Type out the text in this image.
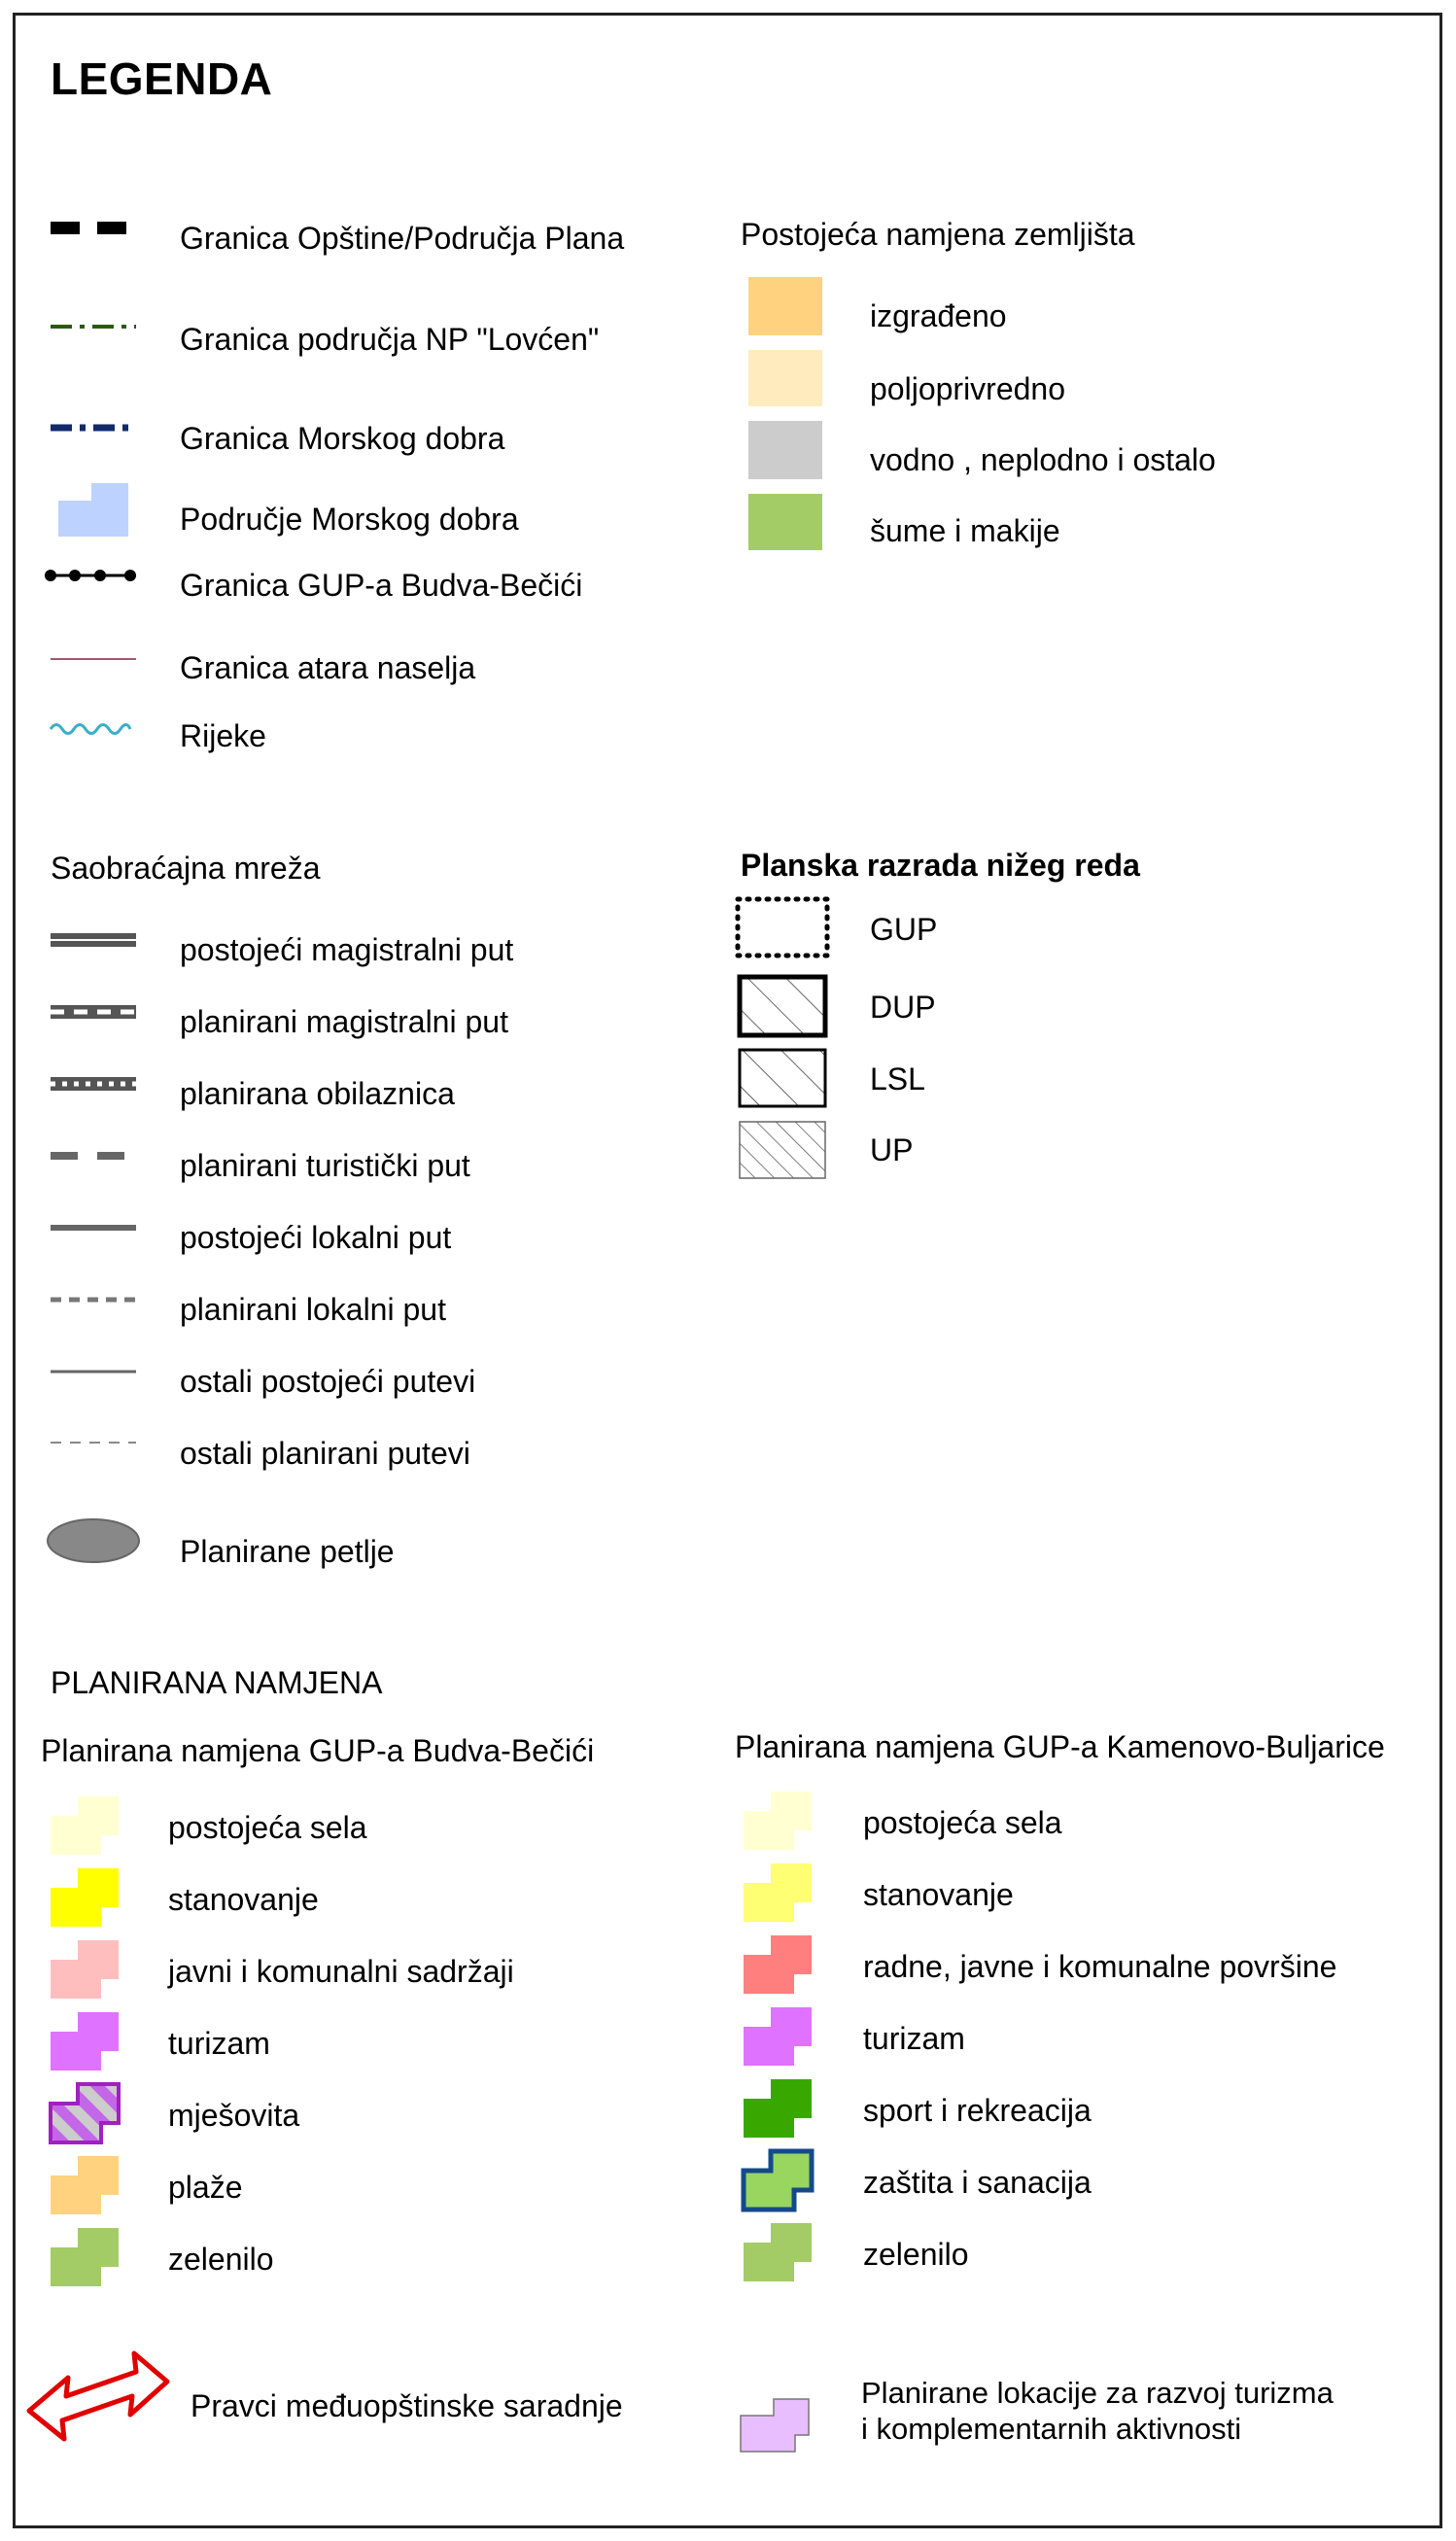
LEGENDA
Granica Opštine/Područja Plana
Granica područja NP "Lovćen"
Granica Morskog dobra
Područje Morskog dobra
Granica GUP-a Budva-Bečići
Granica atara naselja
Rijeke
Postojeća namjena zemljišta
izgrađeno
poljoprivredno
vodno , neplodno i ostalo
šume i makije
Saobraćajna mreža
postojeći magistralni put
planirani magistralni put
planirana obilaznica
planirani turistički put
postojeći lokalni put
planirani lokalni put
ostali postojeći putevi
ostali planirani putevi
Planirane petlje
Planska razrada nižeg reda
GUP
DUP
LSL
UP
PLANIRANA NAMJENA
Planirana namjena GUP-a Budva-Bečići	Planirana namjena GUP-a Kamenovo-Buljarice
postojeća sela
stanovanje
javni i komunalni sadržaji
turizam
mješovita
plaže
zelenilo
postojeća sela
stanovanje
radne, javne i komunalne površine
turizam
sport i rekreacija
zaštita i sanacija
zelenilo
Pravci međuopštinske saradnje	Planirane lokacije za razvoj turizma
i komplementarnih aktivnosti
